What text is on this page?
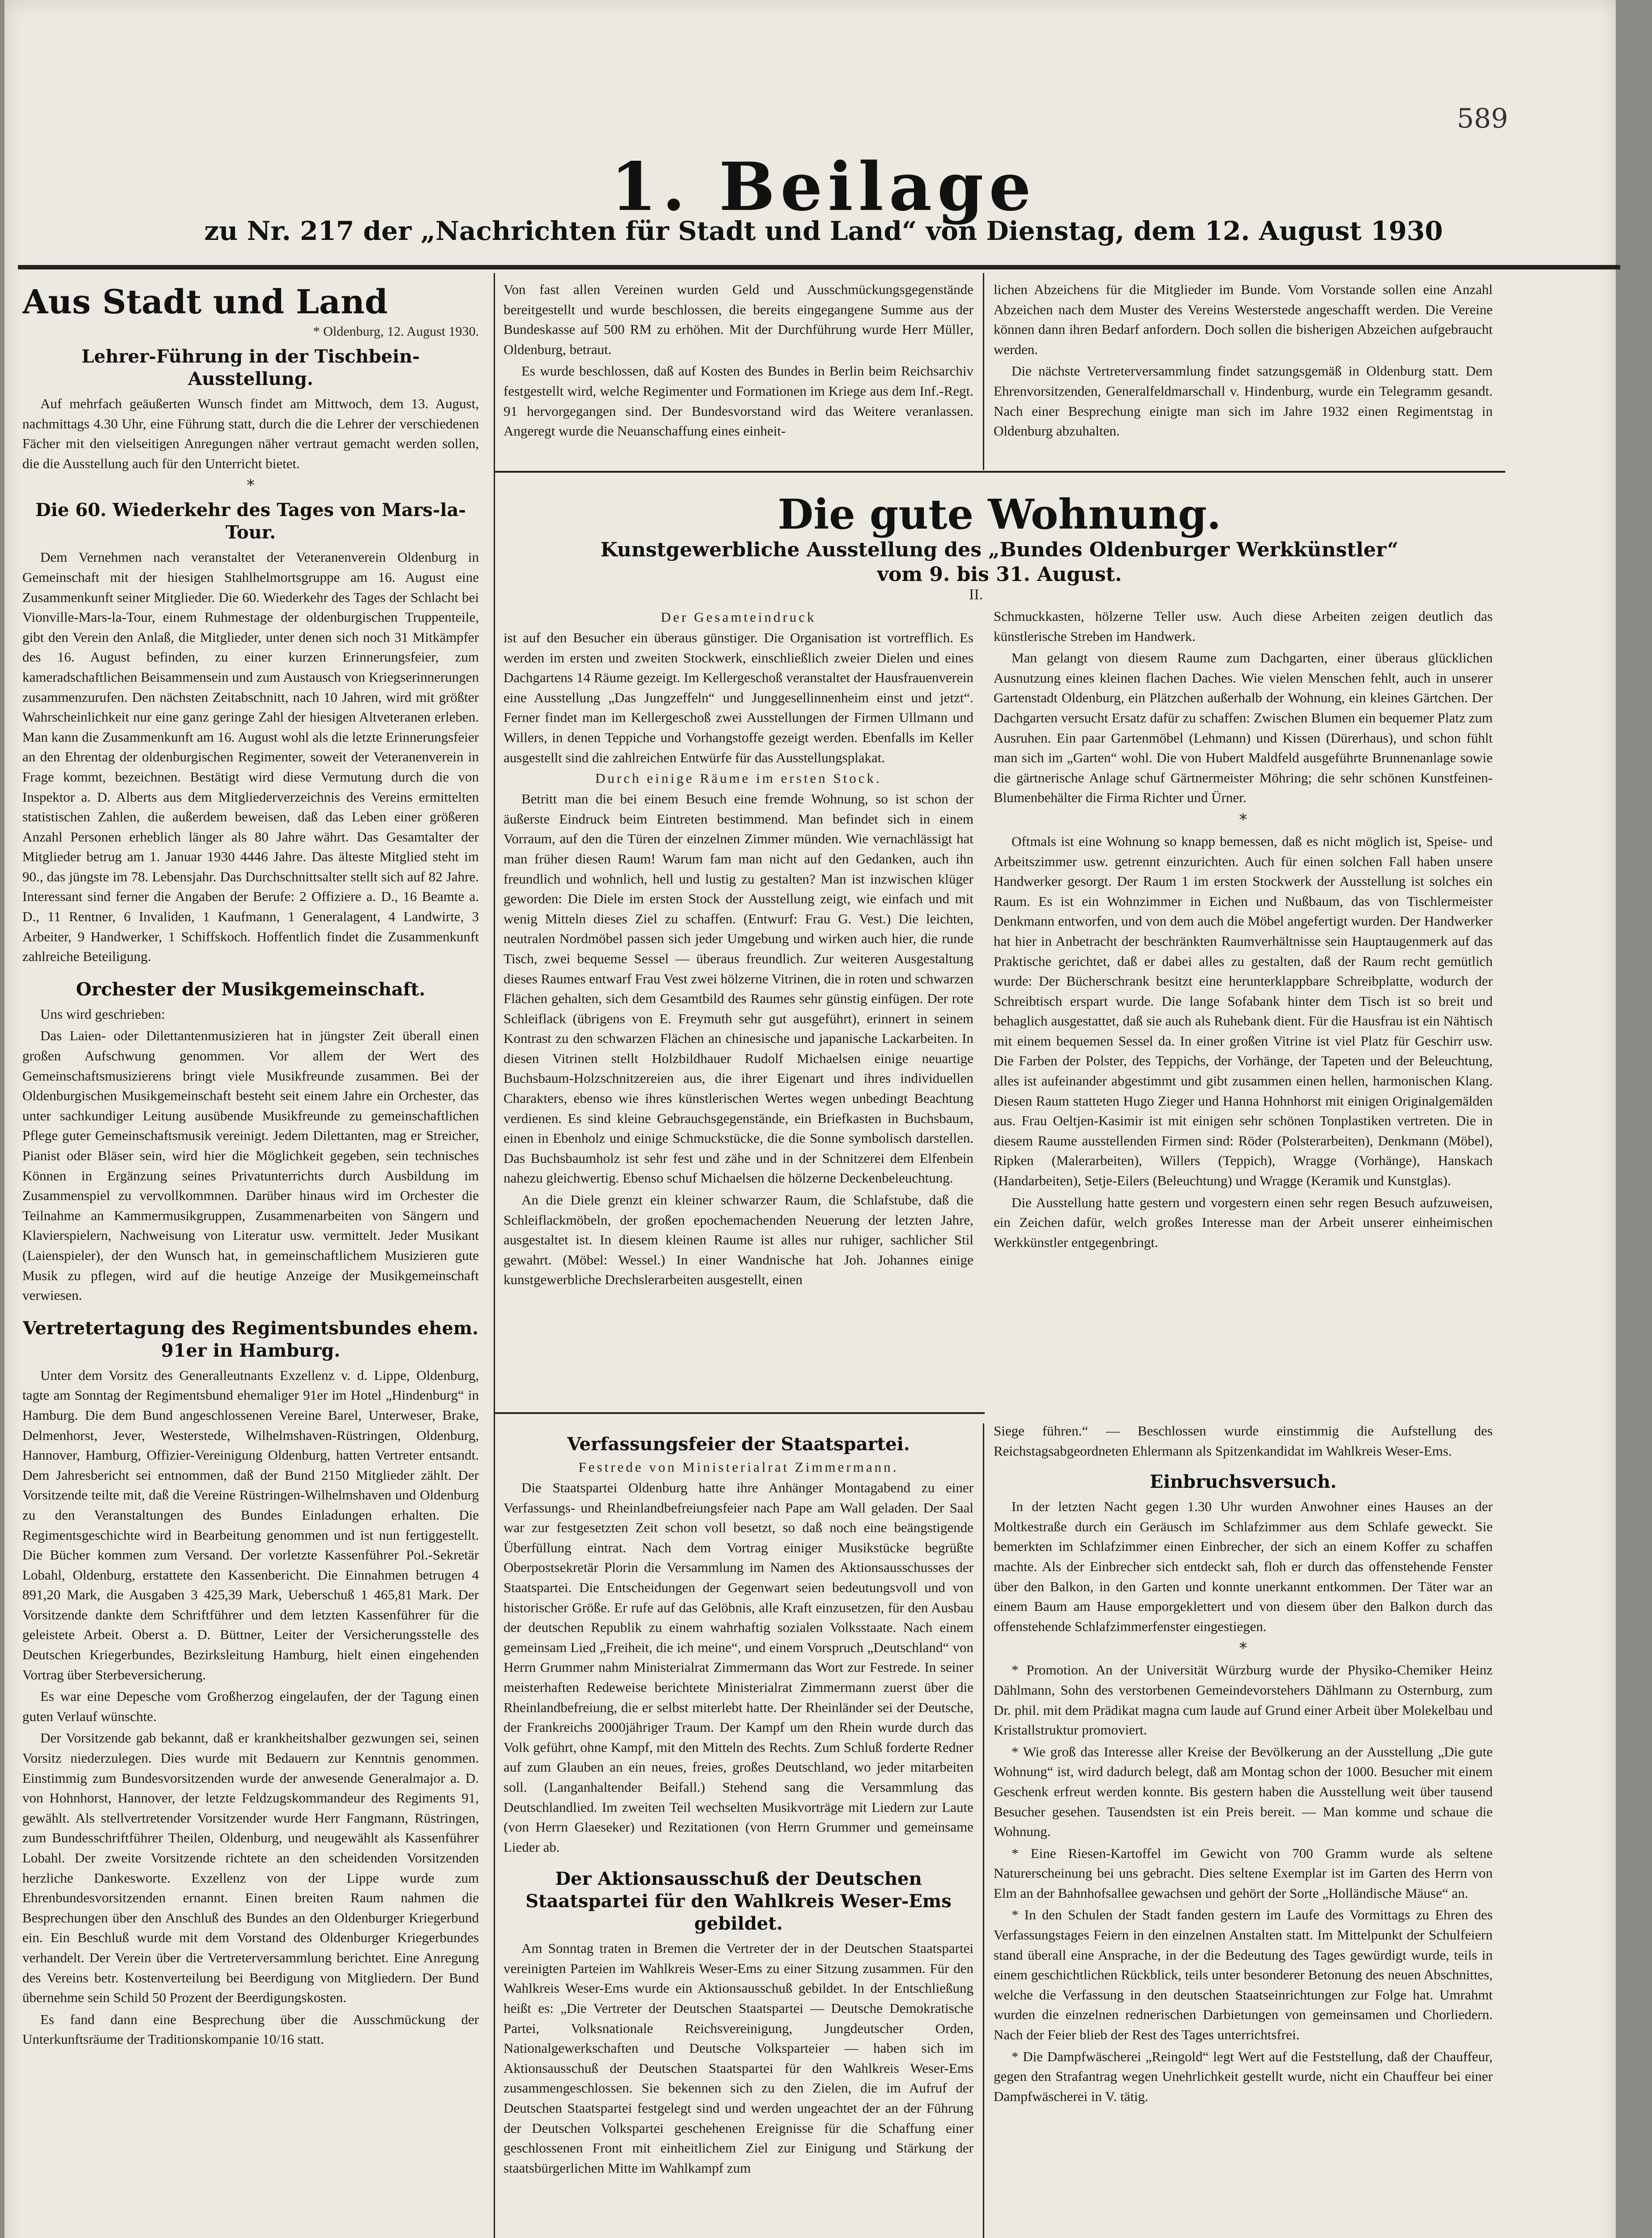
589
1. Beilage
zu Nr. 217 der „Nachrichten für Stadt und Land“ von Dienstag, dem 12. August 1930
Aus Stadt und Land
* Oldenburg, 12. August 1930.
Lehrer-Führung in der Tischbein-Ausstellung.

Auf mehrfach geäußerten Wunsch findet am Mittwoch, dem 13. August, nachmittags 4.30 Uhr, eine Führung statt, durch die die Lehrer der verschiedenen Fächer mit den vielseitigen Anregungen näher vertraut gemacht werden sollen, die die Ausstellung auch für den Unterricht bietet.

*
Die 60. Wiederkehr des Tages von Mars-la-Tour.

Dem Vernehmen nach veranstaltet der Veteranenverein Oldenburg in Gemeinschaft mit der hiesigen Stahlhelmortsgruppe am 16. August eine Zusammenkunft seiner Mitglieder. Die 60. Wiederkehr des Tages der Schlacht bei Vionville-Mars-la-Tour, einem Ruhmestage der oldenburgischen Truppenteile, gibt den Verein den Anlaß, die Mitglieder, unter denen sich noch 31 Mitkämpfer des 16. August befinden, zu einer kurzen Erinnerungsfeier, zum kameradschaftlichen Beisammensein und zum Austausch von Kriegserinnerungen zusammenzurufen. Den nächsten Zeitabschnitt, nach 10 Jahren, wird mit größter Wahrscheinlichkeit nur eine ganz geringe Zahl der hiesigen Altveteranen erleben. Man kann die Zusammenkunft am 16. August wohl als die letzte Erinnerungsfeier an den Ehrentag der oldenburgischen Regimenter, soweit der Veteranenverein in Frage kommt, bezeichnen. Bestätigt wird diese Vermutung durch die von Inspektor a. D. Alberts aus dem Mitgliederverzeichnis des Vereins ermittelten statistischen Zahlen, die außerdem beweisen, daß das Leben einer größeren Anzahl Personen erheblich länger als 80 Jahre währt. Das Gesamtalter der Mitglieder betrug am 1. Januar 1930 4446 Jahre. Das älteste Mitglied steht im 90., das jüngste im 78. Lebensjahr. Das Durchschnittsalter stellt sich auf 82 Jahre. Interessant sind ferner die Angaben der Berufe: 2 Offiziere a. D., 16 Beamte a. D., 11 Rentner, 6 Invaliden, 1 Kaufmann, 1 Generalagent, 4 Landwirte, 3 Arbeiter, 9 Handwerker, 1 Schiffskoch. Hoffentlich findet die Zusammenkunft zahlreiche Beteiligung.

Orchester der Musikgemeinschaft.

Uns wird geschrieben:

Das Laien- oder Dilettantenmusizieren hat in jüngster Zeit überall einen großen Aufschwung genommen. Vor allem der Wert des Gemeinschaftsmusizierens bringt viele Musikfreunde zusammen. Bei der Oldenburgischen Musikgemeinschaft besteht seit einem Jahre ein Orchester, das unter sachkundiger Leitung ausübende Musikfreunde zu gemeinschaftlichen Pflege guter Gemeinschaftsmusik vereinigt. Jedem Dilettanten, mag er Streicher, Pianist oder Bläser sein, wird hier die Möglichkeit gegeben, sein technisches Können in Ergänzung seines Privatunterrichts durch Ausbildung im Zusammenspiel zu vervollkommnen. Darüber hinaus wird im Orchester die Teilnahme an Kammermusikgruppen, Zusammenarbeiten von Sängern und Klavierspielern, Nachweisung von Literatur usw. vermittelt. Jeder Musikant (Laienspieler), der den Wunsch hat, in gemeinschaftlichem Musizieren gute Musik zu pflegen, wird auf die heutige Anzeige der Musikgemeinschaft verwiesen.

Vertretertagung des Regimentsbundes ehem. 91er in Hamburg.

Unter dem Vorsitz des Generalleutnants Exzellenz v. d. Lippe, Oldenburg, tagte am Sonntag der Regimentsbund ehemaliger 91er im Hotel „Hindenburg“ in Hamburg. Die dem Bund angeschlossenen Vereine Barel, Unterweser, Brake, Delmenhorst, Jever, Westerstede, Wilhelmshaven-Rüstringen, Oldenburg, Hannover, Hamburg, Offizier-Vereinigung Oldenburg, hatten Vertreter entsandt. Dem Jahresbericht sei entnommen, daß der Bund 2150 Mitglieder zählt. Der Vorsitzende teilte mit, daß die Vereine Rüstringen-Wilhelmshaven und Oldenburg zu den Veranstaltungen des Bundes Einladungen erhalten. Die Regimentsgeschichte wird in Bearbeitung genommen und ist nun fertiggestellt. Die Bücher kommen zum Versand. Der vorletzte Kassenführer Pol.-Sekretär Lobahl, Oldenburg, erstattete den Kassenbericht. Die Einnahmen betrugen 4 891,20 Mark, die Ausgaben 3 425,39 Mark, Ueberschuß 1 465,81 Mark. Der Vorsitzende dankte dem Schriftführer und dem letzten Kassenführer für die geleistete Arbeit. Oberst a. D. Büttner, Leiter der Versicherungsstelle des Deutschen Kriegerbundes, Bezirksleitung Hamburg, hielt einen eingehenden Vortrag über Sterbeversicherung.

Es war eine Depesche vom Großherzog eingelaufen, der der Tagung einen guten Verlauf wünschte.

Der Vorsitzende gab bekannt, daß er krankheitshalber gezwungen sei, seinen Vorsitz niederzulegen. Dies wurde mit Bedauern zur Kenntnis genommen. Einstimmig zum Bundesvorsitzenden wurde der anwesende Generalmajor a. D. von Hohnhorst, Hannover, der letzte Feldzugskommandeur des Regiments 91, gewählt. Als stellvertretender Vorsitzender wurde Herr Fangmann, Rüstringen, zum Bundesschriftführer Theilen, Oldenburg, und neugewählt als Kassenführer Lobahl. Der zweite Vorsitzende richtete an den scheidenden Vorsitzenden herzliche Dankesworte. Exzellenz von der Lippe wurde zum Ehrenbundesvorsitzenden ernannt. Einen breiten Raum nahmen die Besprechungen über den Anschluß des Bundes an den Oldenburger Kriegerbund ein. Ein Beschluß wurde mit dem Vorstand des Oldenburger Kriegerbundes verhandelt. Der Verein über die Vertreterversammlung berichtet. Eine Anregung des Vereins betr. Kostenverteilung bei Beerdigung von Mitgliedern. Der Bund übernehme sein Schild 50 Prozent der Beerdigungskosten.

Es fand dann eine Besprechung über die Ausschmückung der Unterkunftsräume der Traditionskompanie 10/16 statt.

Von fast allen Vereinen wurden Geld und Ausschmückungsgegenstände bereitgestellt und wurde beschlossen, die bereits eingegangene Summe aus der Bundeskasse auf 500 RM zu erhöhen. Mit der Durchführung wurde Herr Müller, Oldenburg, betraut.

Es wurde beschlossen, daß auf Kosten des Bundes in Berlin beim Reichsarchiv festgestellt wird, welche Regimenter und Formationen im Kriege aus dem Inf.-Regt. 91 hervorgegangen sind. Der Bundesvorstand wird das Weitere veranlassen. Angeregt wurde die Neuanschaffung eines einheit-

lichen Abzeichens für die Mitglieder im Bunde. Vom Vorstande sollen eine Anzahl Abzeichen nach dem Muster des Vereins Westerstede angeschafft werden. Die Vereine können dann ihren Bedarf anfordern. Doch sollen die bisherigen Abzeichen aufgebraucht werden.

Die nächste Vertreterversammlung findet satzungsgemäß in Oldenburg statt. Dem Ehrenvorsitzenden, Generalfeldmarschall v. Hindenburg, wurde ein Telegramm gesandt. Nach einer Besprechung einigte man sich im Jahre 1932 einen Regimentstag in Oldenburg abzuhalten.

Die gute Wohnung.
Kunstgewerbliche Ausstellung des „Bundes Oldenburger Werkkünstler“
vom 9. bis 31. August.
II.
Der Gesamteindruck

ist auf den Besucher ein überaus günstiger. Die Organisation ist vortrefflich. Es werden im ersten und zweiten Stockwerk, einschließlich zweier Dielen und eines Dachgartens 14 Räume gezeigt. Im Kellergeschoß veranstaltet der Hausfrauenverein eine Ausstellung „Das Jungzeffeln“ und Junggesellinnenheim einst und jetzt“. Ferner findet man im Kellergeschoß zwei Ausstellungen der Firmen Ullmann und Willers, in denen Teppiche und Vorhangstoffe gezeigt werden. Ebenfalls im Keller ausgestellt sind die zahlreichen Entwürfe für das Ausstellungsplakat.

Durch einige Räume im ersten Stock.

Betritt man die bei einem Besuch eine fremde Wohnung, so ist schon der äußerste Eindruck beim Eintreten bestimmend. Man befindet sich in einem Vorraum, auf den die Türen der einzelnen Zimmer münden. Wie vernachlässigt hat man früher diesen Raum! Warum fam man nicht auf den Gedanken, auch ihn freundlich und wohnlich, hell und lustig zu gestalten? Man ist inzwischen klüger geworden: Die Diele im ersten Stock der Ausstellung zeigt, wie einfach und mit wenig Mitteln dieses Ziel zu schaffen. (Entwurf: Frau G. Vest.) Die leichten, neutralen Nordmöbel passen sich jeder Umgebung und wirken auch hier, die runde Tisch, zwei bequeme Sessel — überaus freundlich. Zur weiteren Ausgestaltung dieses Raumes entwarf Frau Vest zwei hölzerne Vitrinen, die in roten und schwarzen Flächen gehalten, sich dem Gesamtbild des Raumes sehr günstig einfügen. Der rote Schleiflack (übrigens von E. Freymuth sehr gut ausgeführt), erinnert in seinem Kontrast zu den schwarzen Flächen an chinesische und japanische Lackarbeiten. In diesen Vitrinen stellt Holzbildhauer Rudolf Michaelsen einige neuartige Buchsbaum-Holzschnitzereien aus, die ihrer Eigenart und ihres individuellen Charakters, ebenso wie ihres künstlerischen Wertes wegen unbedingt Beachtung verdienen. Es sind kleine Gebrauchsgegenstände, ein Briefkasten in Buchsbaum, einen in Ebenholz und einige Schmuckstücke, die die Sonne symbolisch darstellen. Das Buchsbaumholz ist sehr fest und zähe und in der Schnitzerei dem Elfenbein nahezu gleichwertig. Ebenso schuf Michaelsen die hölzerne Deckenbeleuchtung.

An die Diele grenzt ein kleiner schwarzer Raum, die Schlafstube, daß die Schleiflackmöbeln, der großen epochemachenden Neuerung der letzten Jahre, ausgestaltet ist. In diesem kleinen Raume ist alles nur ruhiger, sachlicher Stil gewahrt. (Möbel: Wessel.) In einer Wandnische hat Joh. Johannes einige kunstgewerbliche Drechslerarbeiten ausgestellt, einen

Schmuckkasten, hölzerne Teller usw. Auch diese Arbeiten zeigen deutlich das künstlerische Streben im Handwerk.

Man gelangt von diesem Raume zum Dachgarten, einer überaus glücklichen Ausnutzung eines kleinen flachen Daches. Wie vielen Menschen fehlt, auch in unserer Gartenstadt Oldenburg, ein Plätzchen außerhalb der Wohnung, ein kleines Gärtchen. Der Dachgarten versucht Ersatz dafür zu schaffen: Zwischen Blumen ein bequemer Platz zum Ausruhen. Ein paar Gartenmöbel (Lehmann) und Kissen (Dürerhaus), und schon fühlt man sich im „Garten“ wohl. Die von Hubert Maldfeld ausgeführte Brunnenanlage sowie die gärtnerische Anlage schuf Gärtnermeister Möhring; die sehr schönen Kunstfeinen-Blumenbehälter die Firma Richter und Ürner.

*

Oftmals ist eine Wohnung so knapp bemessen, daß es nicht möglich ist, Speise- und Arbeitszimmer usw. getrennt einzurichten. Auch für einen solchen Fall haben unsere Handwerker gesorgt. Der Raum 1 im ersten Stockwerk der Ausstellung ist solches ein Raum. Es ist ein Wohnzimmer in Eichen und Nußbaum, das von Tischlermeister Denkmann entworfen, und von dem auch die Möbel angefertigt wurden. Der Handwerker hat hier in Anbetracht der beschränkten Raumverhältnisse sein Hauptaugenmerk auf das Praktische gerichtet, daß er dabei alles zu gestalten, daß der Raum recht gemütlich wurde: Der Bücherschrank besitzt eine herunterklappbare Schreibplatte, wodurch der Schreibtisch erspart wurde. Die lange Sofabank hinter dem Tisch ist so breit und behaglich ausgestattet, daß sie auch als Ruhebank dient. Für die Hausfrau ist ein Nähtisch mit einem bequemen Sessel da. In einer großen Vitrine ist viel Platz für Geschirr usw. Die Farben der Polster, des Teppichs, der Vorhänge, der Tapeten und der Beleuchtung, alles ist aufeinander abgestimmt und gibt zusammen einen hellen, harmonischen Klang. Diesen Raum statteten Hugo Zieger und Hanna Hohnhorst mit einigen Originalgemälden aus. Frau Oeltjen-Kasimir ist mit einigen sehr schönen Tonplastiken vertreten. Die in diesem Raume ausstellenden Firmen sind: Röder (Polsterarbeiten), Denkmann (Möbel), Ripken (Malerarbeiten), Willers (Teppich), Wragge (Vorhänge), Hanskach (Handarbeiten), Setje-Eilers (Beleuchtung) und Wragge (Keramik und Kunstglas).

Die Ausstellung hatte gestern und vorgestern einen sehr regen Besuch aufzuweisen, ein Zeichen dafür, welch großes Interesse man der Arbeit unserer einheimischen Werkkünstler entgegenbringt.

Verfassungsfeier der Staatspartei.
Festrede von Ministerialrat Zimmermann.

Die Staatspartei Oldenburg hatte ihre Anhänger Montagabend zu einer Verfassungs- und Rheinlandbefreiungsfeier nach Pape am Wall geladen. Der Saal war zur festgesetzten Zeit schon voll besetzt, so daß noch eine beängstigende Überfüllung eintrat. Nach dem Vortrag einiger Musikstücke begrüßte Oberpostsekretär Plorin die Versammlung im Namen des Aktionsausschusses der Staatspartei. Die Entscheidungen der Gegenwart seien bedeutungsvoll und von historischer Größe. Er rufe auf das Gelöbnis, alle Kraft einzusetzen, für den Ausbau der deutschen Republik zu einem wahrhaftig sozialen Volksstaate. Nach einem gemeinsam Lied „Freiheit, die ich meine“, und einem Vorspruch „Deutschland“ von Herrn Grummer nahm Ministerialrat Zimmermann das Wort zur Festrede. In seiner meisterhaften Redeweise berichtete Ministerialrat Zimmermann zuerst über die Rheinlandbefreiung, die er selbst miterlebt hatte. Der Rheinländer sei der Deutsche, der Frankreichs 2000jähriger Traum. Der Kampf um den Rhein wurde durch das Volk geführt, ohne Kampf, mit den Mitteln des Rechts. Zum Schluß forderte Redner auf zum Glauben an ein neues, freies, großes Deutschland, wo jeder mitarbeiten soll. (Langanhaltender Beifall.) Stehend sang die Versammlung das Deutschlandlied. Im zweiten Teil wechselten Musikvorträge mit Liedern zur Laute (von Herrn Glaeseker) und Rezitationen (von Herrn Grummer und gemeinsame Lieder ab.

Der Aktionsausschuß der Deutschen Staatspartei für den Wahlkreis Weser-Ems gebildet.

Am Sonntag traten in Bremen die Vertreter der in der Deutschen Staatspartei vereinigten Parteien im Wahlkreis Weser-Ems zu einer Sitzung zusammen. Für den Wahlkreis Weser-Ems wurde ein Aktionsausschuß gebildet. In der Entschließung heißt es: „Die Vertreter der Deutschen Staatspartei — Deutsche Demokratische Partei, Volksnationale Reichsvereinigung, Jungdeutscher Orden, Nationalgewerkschaften und Deutsche Volksparteier — haben sich im Aktionsausschuß der Deutschen Staatspartei für den Wahlkreis Weser-Ems zusammengeschlossen. Sie bekennen sich zu den Zielen, die im Aufruf der Deutschen Staatspartei festgelegt sind und werden ungeachtet der an der Führung der Deutschen Volkspartei geschehenen Ereignisse für die Schaffung einer geschlossenen Front mit einheitlichem Ziel zur Einigung und Stärkung der staatsbürgerlichen Mitte im Wahlkampf zum

Siege führen.“ — Beschlossen wurde einstimmig die Aufstellung des Reichstagsabgeordneten Ehlermann als Spitzenkandidat im Wahlkreis Weser-Ems.

Einbruchsversuch.

In der letzten Nacht gegen 1.30 Uhr wurden Anwohner eines Hauses an der Moltkestraße durch ein Geräusch im Schlafzimmer aus dem Schlafe geweckt. Sie bemerkten im Schlafzimmer einen Einbrecher, der sich an einem Koffer zu schaffen machte. Als der Einbrecher sich entdeckt sah, floh er durch das offenstehende Fenster über den Balkon, in den Garten und konnte unerkannt entkommen. Der Täter war an einem Baum am Hause emporgeklettert und von diesem über den Balkon durch das offenstehende Schlafzimmerfenster eingestiegen.

*

* Promotion. An der Universität Würzburg wurde der Physiko-Chemiker Heinz Dählmann, Sohn des verstorbenen Gemeindevorstehers Dählmann zu Osternburg, zum Dr. phil. mit dem Prädikat magna cum laude auf Grund einer Arbeit über Molekelbau und Kristallstruktur promoviert.

* Wie groß das Interesse aller Kreise der Bevölkerung an der Ausstellung „Die gute Wohnung“ ist, wird dadurch belegt, daß am Montag schon der 1000. Besucher mit einem Geschenk erfreut werden konnte. Bis gestern haben die Ausstellung weit über tausend Besucher gesehen. Tausendsten ist ein Preis bereit. — Man komme und schaue die Wohnung.

* Eine Riesen-Kartoffel im Gewicht von 700 Gramm wurde als seltene Naturerscheinung bei uns gebracht. Dies seltene Exemplar ist im Garten des Herrn von Elm an der Bahnhofsallee gewachsen und gehört der Sorte „Holländische Mäuse“ an.

* In den Schulen der Stadt fanden gestern im Laufe des Vormittags zu Ehren des Verfassungstages Feiern in den einzelnen Anstalten statt. Im Mittelpunkt der Schulfeiern stand überall eine Ansprache, in der die Bedeutung des Tages gewürdigt wurde, teils in einem geschichtlichen Rückblick, teils unter besonderer Betonung des neuen Abschnittes, welche die Verfassung in den deutschen Staatseinrichtungen zur Folge hat. Umrahmt wurden die einzelnen rednerischen Darbietungen von gemeinsamen und Chorliedern. Nach der Feier blieb der Rest des Tages unterrichtsfrei.

* Die Dampfwäscherei „Reingold“ legt Wert auf die Feststellung, daß der Chauffeur, gegen den Strafantrag wegen Unehrlichkeit gestellt wurde, nicht ein Chauffeur bei einer Dampfwäscherei in V. tätig.
